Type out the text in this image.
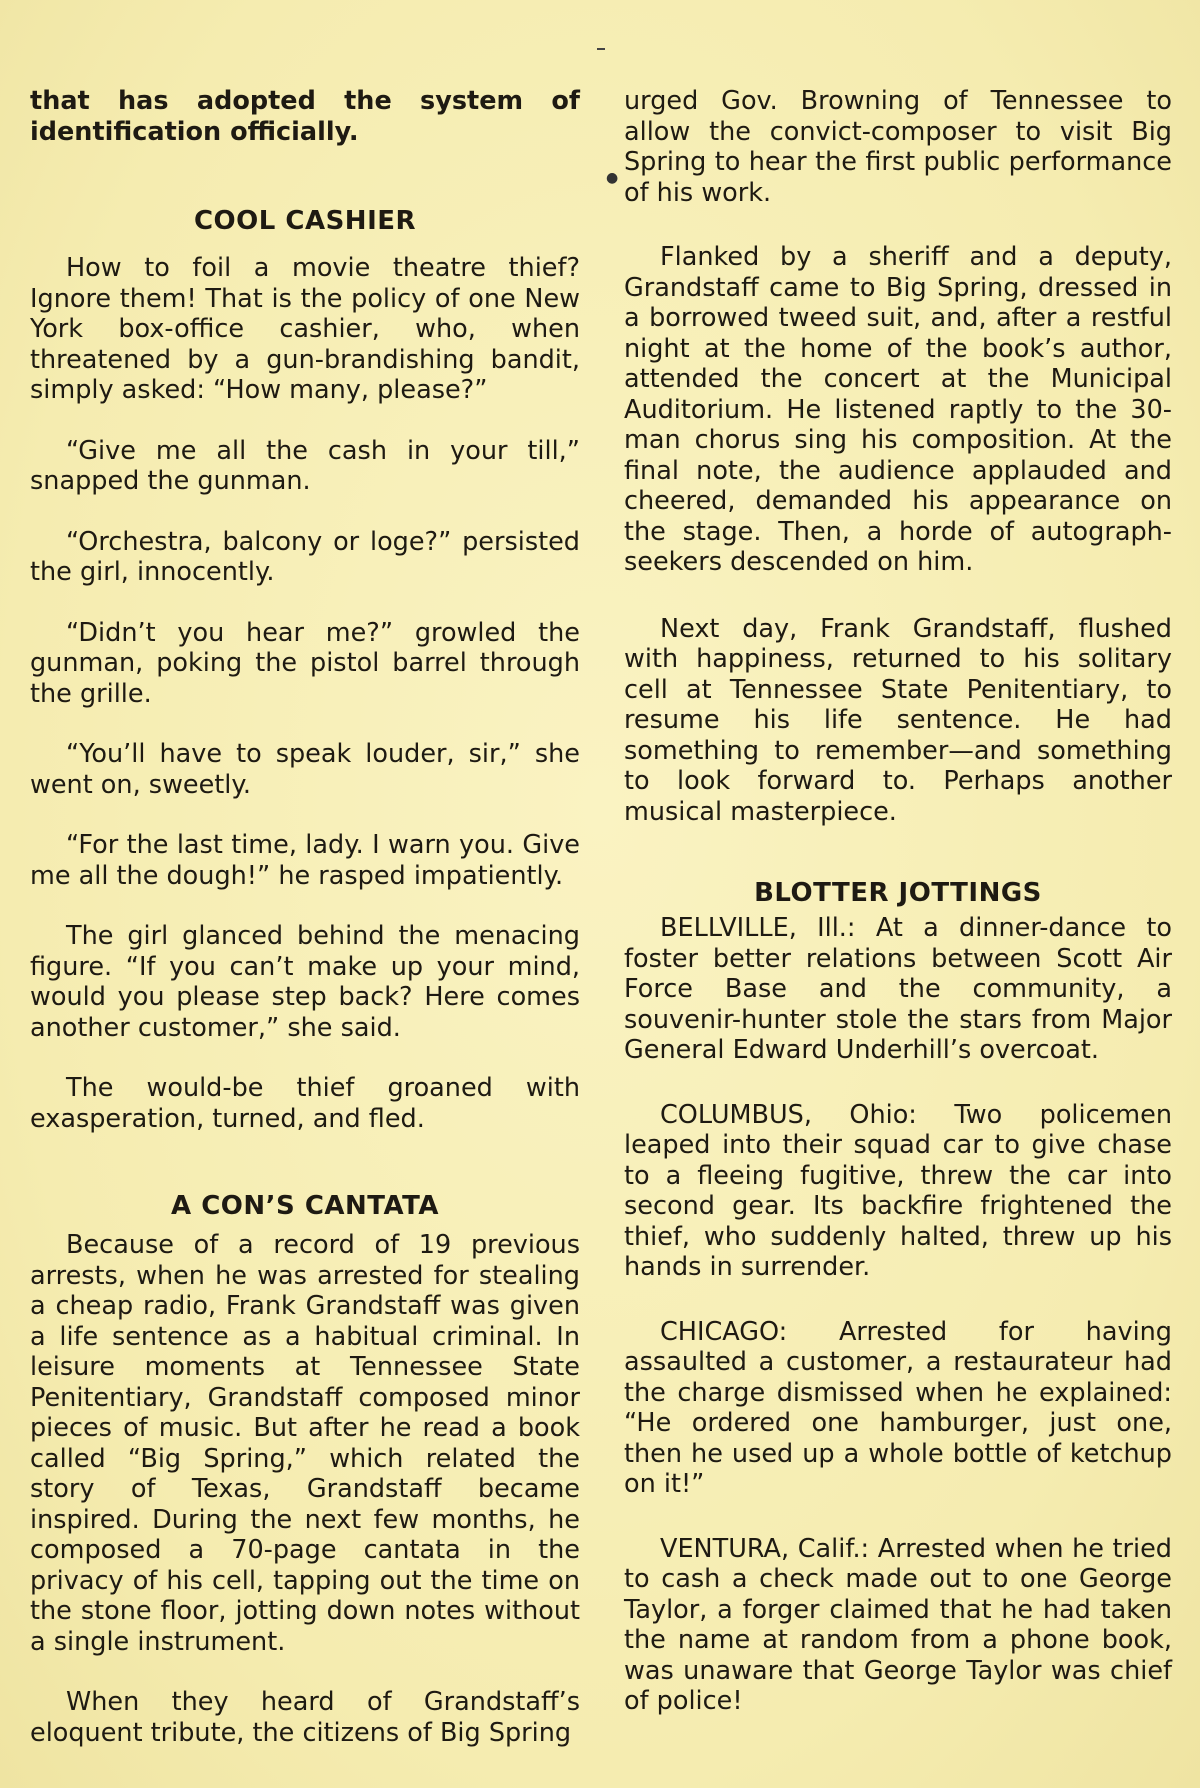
●

that has adopted the system of identification officially.

COOL CASHIER

How to foil a movie theatre thief? Ignore them! That is the policy of one New York box-office cashier, who, when threatened by a gun-brandishing bandit, simply asked: “How many, please?”

“Give me all the cash in your till,” snapped the gunman.

“Orchestra, balcony or loge?” persisted the girl, innocently.

“Didn’t you hear me?” growled the gunman, poking the pistol barrel through the grille.

“You’ll have to speak louder, sir,” she went on, sweetly.

“For the last time, lady. I warn you. Give me all the dough!” he rasped impatiently.

The girl glanced behind the menacing figure. “If you can’t make up your mind, would you please step back? Here comes another customer,” she said.

The would-be thief groaned with exasperation, turned, and fled.

A CON’S CANTATA

Because of a record of 19 previous arrests, when he was arrested for stealing a cheap radio, Frank Grandstaff was given a life sentence as a habitual criminal. In leisure moments at Tennessee State Penitentiary, Grandstaff composed minor pieces of music. But after he read a book called “Big Spring,” which related the story of Texas, Grandstaff became inspired. During the next few months, he composed a 70-page cantata in the privacy of his cell, tapping out the time on the stone floor, jotting down notes without a single instrument.

When they heard of Grandstaff’s eloquent tribute, the citizens of Big Spring

urged Gov. Browning of Tennessee to allow the convict-composer to visit Big Spring to hear the first public performance of his work.

Flanked by a sheriff and a deputy, Grandstaff came to Big Spring, dressed in a borrowed tweed suit, and, after a restful night at the home of the book’s author, attended the concert at the Municipal Auditorium. He listened raptly to the 30-man chorus sing his composition. At the final note, the audience applauded and cheered, demanded his appearance on the stage. Then, a horde of autograph-seekers descended on him.

Next day, Frank Grandstaff, flushed with happiness, returned to his solitary cell at Tennessee State Penitentiary, to resume his life sentence. He had something to remember—and something to look forward to. Perhaps another musical masterpiece.

BLOTTER JOTTINGS

BELLVILLE, Ill.: At a dinner-dance to foster better relations between Scott Air Force Base and the community, a souvenir-hunter stole the stars from Major General Edward Underhill’s overcoat.

COLUMBUS, Ohio: Two policemen leaped into their squad car to give chase to a fleeing fugitive, threw the car into second gear. Its backfire frightened the thief, who suddenly halted, threw up his hands in surrender.

CHICAGO: Arrested for having assaulted a customer, a restaurateur had the charge dismissed when he explained: “He ordered one hamburger, just one, then he used up a whole bottle of ketchup on it!”

VENTURA, Calif.: Arrested when he tried to cash a check made out to one George Taylor, a forger claimed that he had taken the name at random from a phone book, was unaware that George Taylor was chief of police!
